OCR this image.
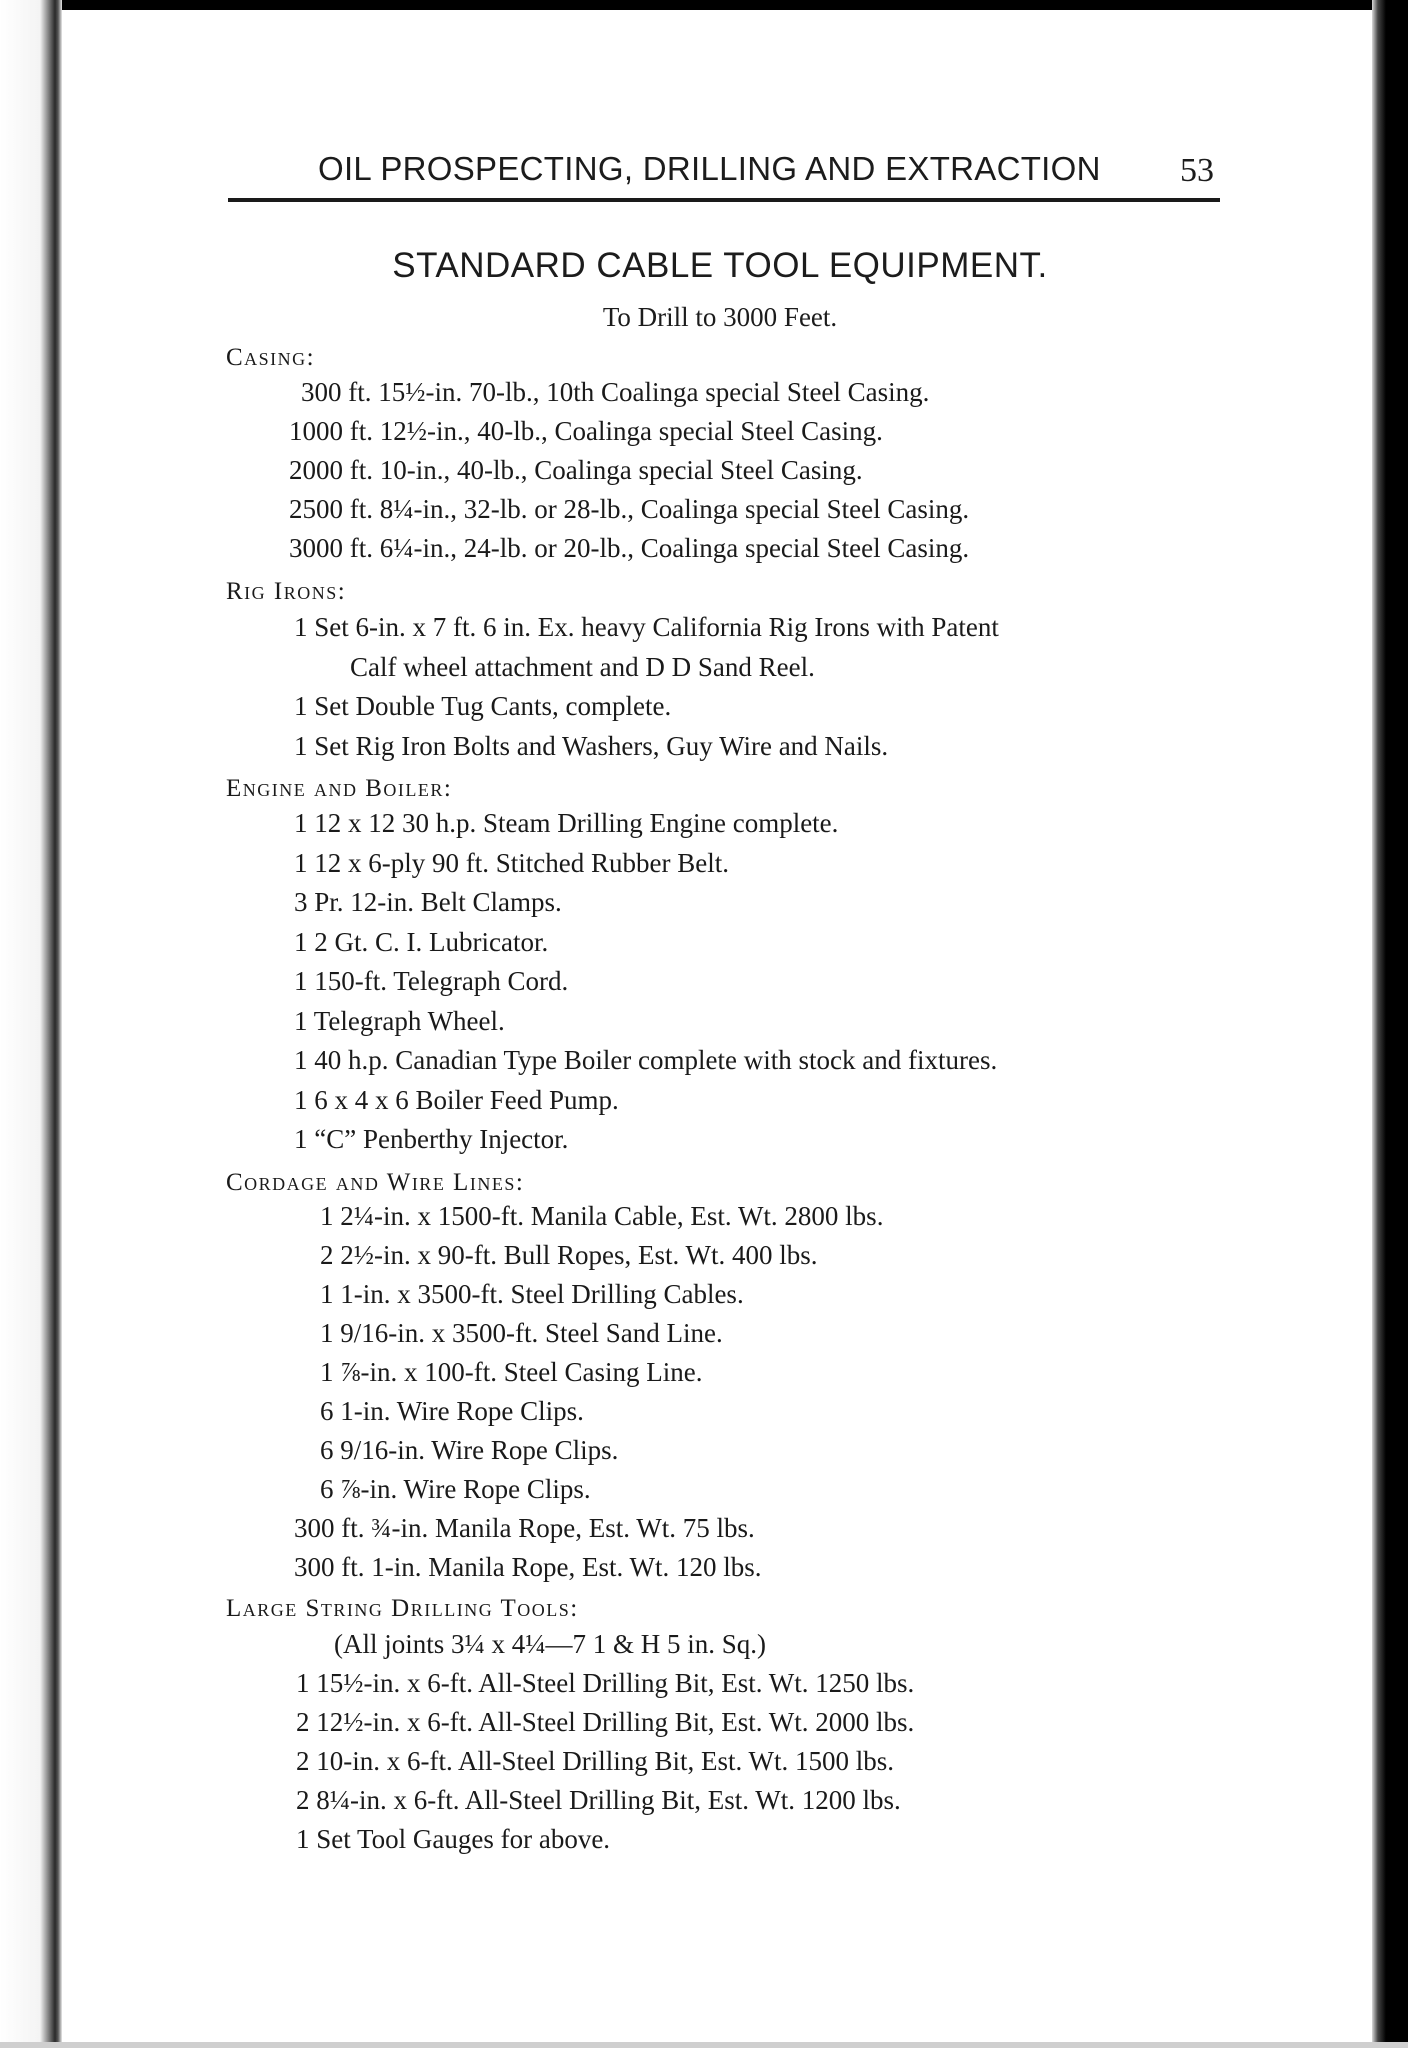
OIL PROSPECTING, DRILLING AND EXTRACTION 53
STANDARD CABLE TOOL EQUIPMENT.
To Drill to 3000 Feet.
Casing:
300 ft. 15½-in. 70-lb., 10th Coalinga special Steel Casing.
1000 ft. 12½-in., 40-lb., Coalinga special Steel Casing.
2000 ft. 10-in., 40-lb., Coalinga special Steel Casing.
2500 ft. 8¼-in., 32-lb. or 28-lb., Coalinga special Steel Casing.
3000 ft. 6¼-in., 24-lb. or 20-lb., Coalinga special Steel Casing.
Rig Irons:
1 Set 6-in. x 7 ft. 6 in. Ex. heavy California Rig Irons with Patent
Calf wheel attachment and D D Sand Reel.
1 Set Double Tug Cants, complete.
1 Set Rig Iron Bolts and Washers, Guy Wire and Nails.
Engine and Boiler:
1 12 x 12 30 h.p. Steam Drilling Engine complete.
1 12 x 6-ply 90 ft. Stitched Rubber Belt.
3 Pr. 12-in. Belt Clamps.
1 2 Gt. C. I. Lubricator.
1 150-ft. Telegraph Cord.
1 Telegraph Wheel.
1 40 h.p. Canadian Type Boiler complete with stock and fixtures.
1 6 x 4 x 6 Boiler Feed Pump.
1 “C” Penberthy Injector.
Cordage and Wire Lines:
1 2¼-in. x 1500-ft. Manila Cable, Est. Wt. 2800 lbs.
2 2½-in. x 90-ft. Bull Ropes, Est. Wt. 400 lbs.
1 1-in. x 3500-ft. Steel Drilling Cables.
1 9/16-in. x 3500-ft. Steel Sand Line.
1 ⅞-in. x 100-ft. Steel Casing Line.
6 1-in. Wire Rope Clips.
6 9/16-in. Wire Rope Clips.
6 ⅞-in. Wire Rope Clips.
300 ft. ¾-in. Manila Rope, Est. Wt. 75 lbs.
300 ft. 1-in. Manila Rope, Est. Wt. 120 lbs.
Large String Drilling Tools:
(All joints 3¼ x 4¼—7 1 & H 5 in. Sq.)
1 15½-in. x 6-ft. All-Steel Drilling Bit, Est. Wt. 1250 lbs.
2 12½-in. x 6-ft. All-Steel Drilling Bit, Est. Wt. 2000 lbs.
2 10-in. x 6-ft. All-Steel Drilling Bit, Est. Wt. 1500 lbs.
2 8¼-in. x 6-ft. All-Steel Drilling Bit, Est. Wt. 1200 lbs.
1 Set Tool Gauges for above.
